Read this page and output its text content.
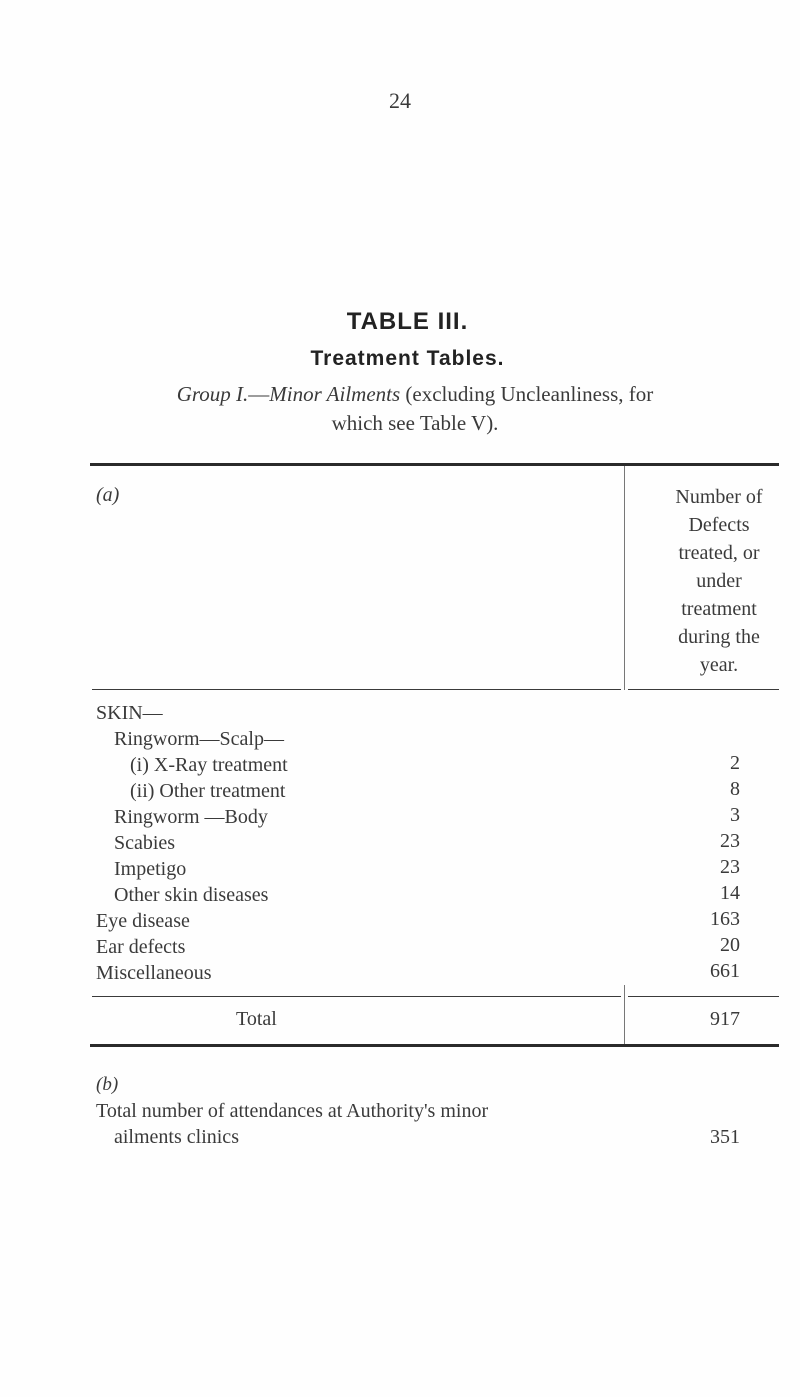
24
TABLE III.
Treatment Tables.
Group I.—Minor Ailments (excluding Uncleanliness, for
which see Table V).
(a)	Number of
Defects
treated, or
under
treatment
during the
year.
SKIN—
Ringworm—Scalp—
(i) X-Ray treatment	2
(ii) Other treatment	8
Ringworm —Body	3
Scabies	23
Impetigo	23
Other skin diseases	14
Eye disease	163
Ear defects	20
Miscellaneous	661
Total	917
(b)
Total number of attendances at Authority's minor
ailments clinics	351
